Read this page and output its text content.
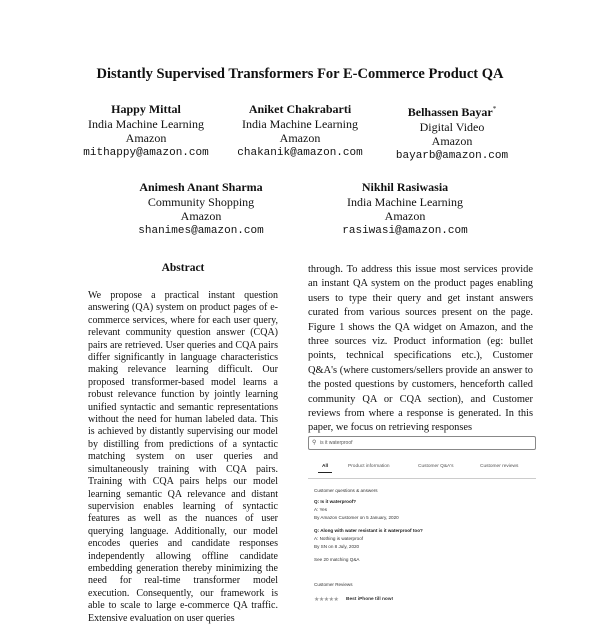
Distantly Supervised Transformers For E-Commerce Product QA
Happy Mittal
India Machine Learning
Amazon
mithappy@amazon.com
Aniket Chakrabarti
India Machine Learning
Amazon
chakanik@amazon.com
Belhassen Bayar*
Digital Video
Amazon
bayarb@amazon.com
Animesh Anant Sharma
Community Shopping
Amazon
shanimes@amazon.com
Nikhil Rasiwasia
India Machine Learning
Amazon
rasiwasi@amazon.com
Abstract
We propose a practical instant question answering (QA) system on product pages of e-commerce services, where for each user query, relevant community question answer (CQA) pairs are retrieved. User queries and CQA pairs differ significantly in language characteristics making relevance learning difficult. Our proposed transformer-based model learns a robust relevance function by jointly learning unified syntactic and semantic representations without the need for human labeled data. This is achieved by distantly supervising our model by distilling from predictions of a syntactic matching system on user queries and simultaneously training with CQA pairs. Training with CQA pairs helps our model learning semantic QA relevance and distant supervision enables learning of syntactic features as well as the nuances of user querying language. Additionally, our model encodes queries and candidate responses independently allowing offline candidate embedding generation thereby minimizing the need for real-time transformer model execution. Consequently, our framework is able to scale to large e-commerce QA traffic. Extensive evaluation on user queries
through. To address this issue most services provide an instant QA system on the product pages enabling users to type their query and get instant answers curated from various sources present on the page. Figure 1 shows the QA widget on Amazon, and the three sources viz. Product information (eg: bullet points, technical specifications etc.), Customer Q&A's (where customers/sellers provide an answer to the posted questions by customers, henceforth called community QA or CQA section), and Customer reviews from where a response is generated. In this paper, we focus on retrieving responses
⚲ is it waterproof
All	Product information	Customer Q&A's	Customer reviews
Customer questions & answers
Q: Is it waterproof?
A: Yes
By Amazon Customer on 5 January, 2020
Q: Along with water resistant is it waterproof too?
A: Nothing is waterproof
By SN on 8 July, 2020
See 20 matching Q&A
Customer Reviews
★★★★★ Best iPhone till now!
